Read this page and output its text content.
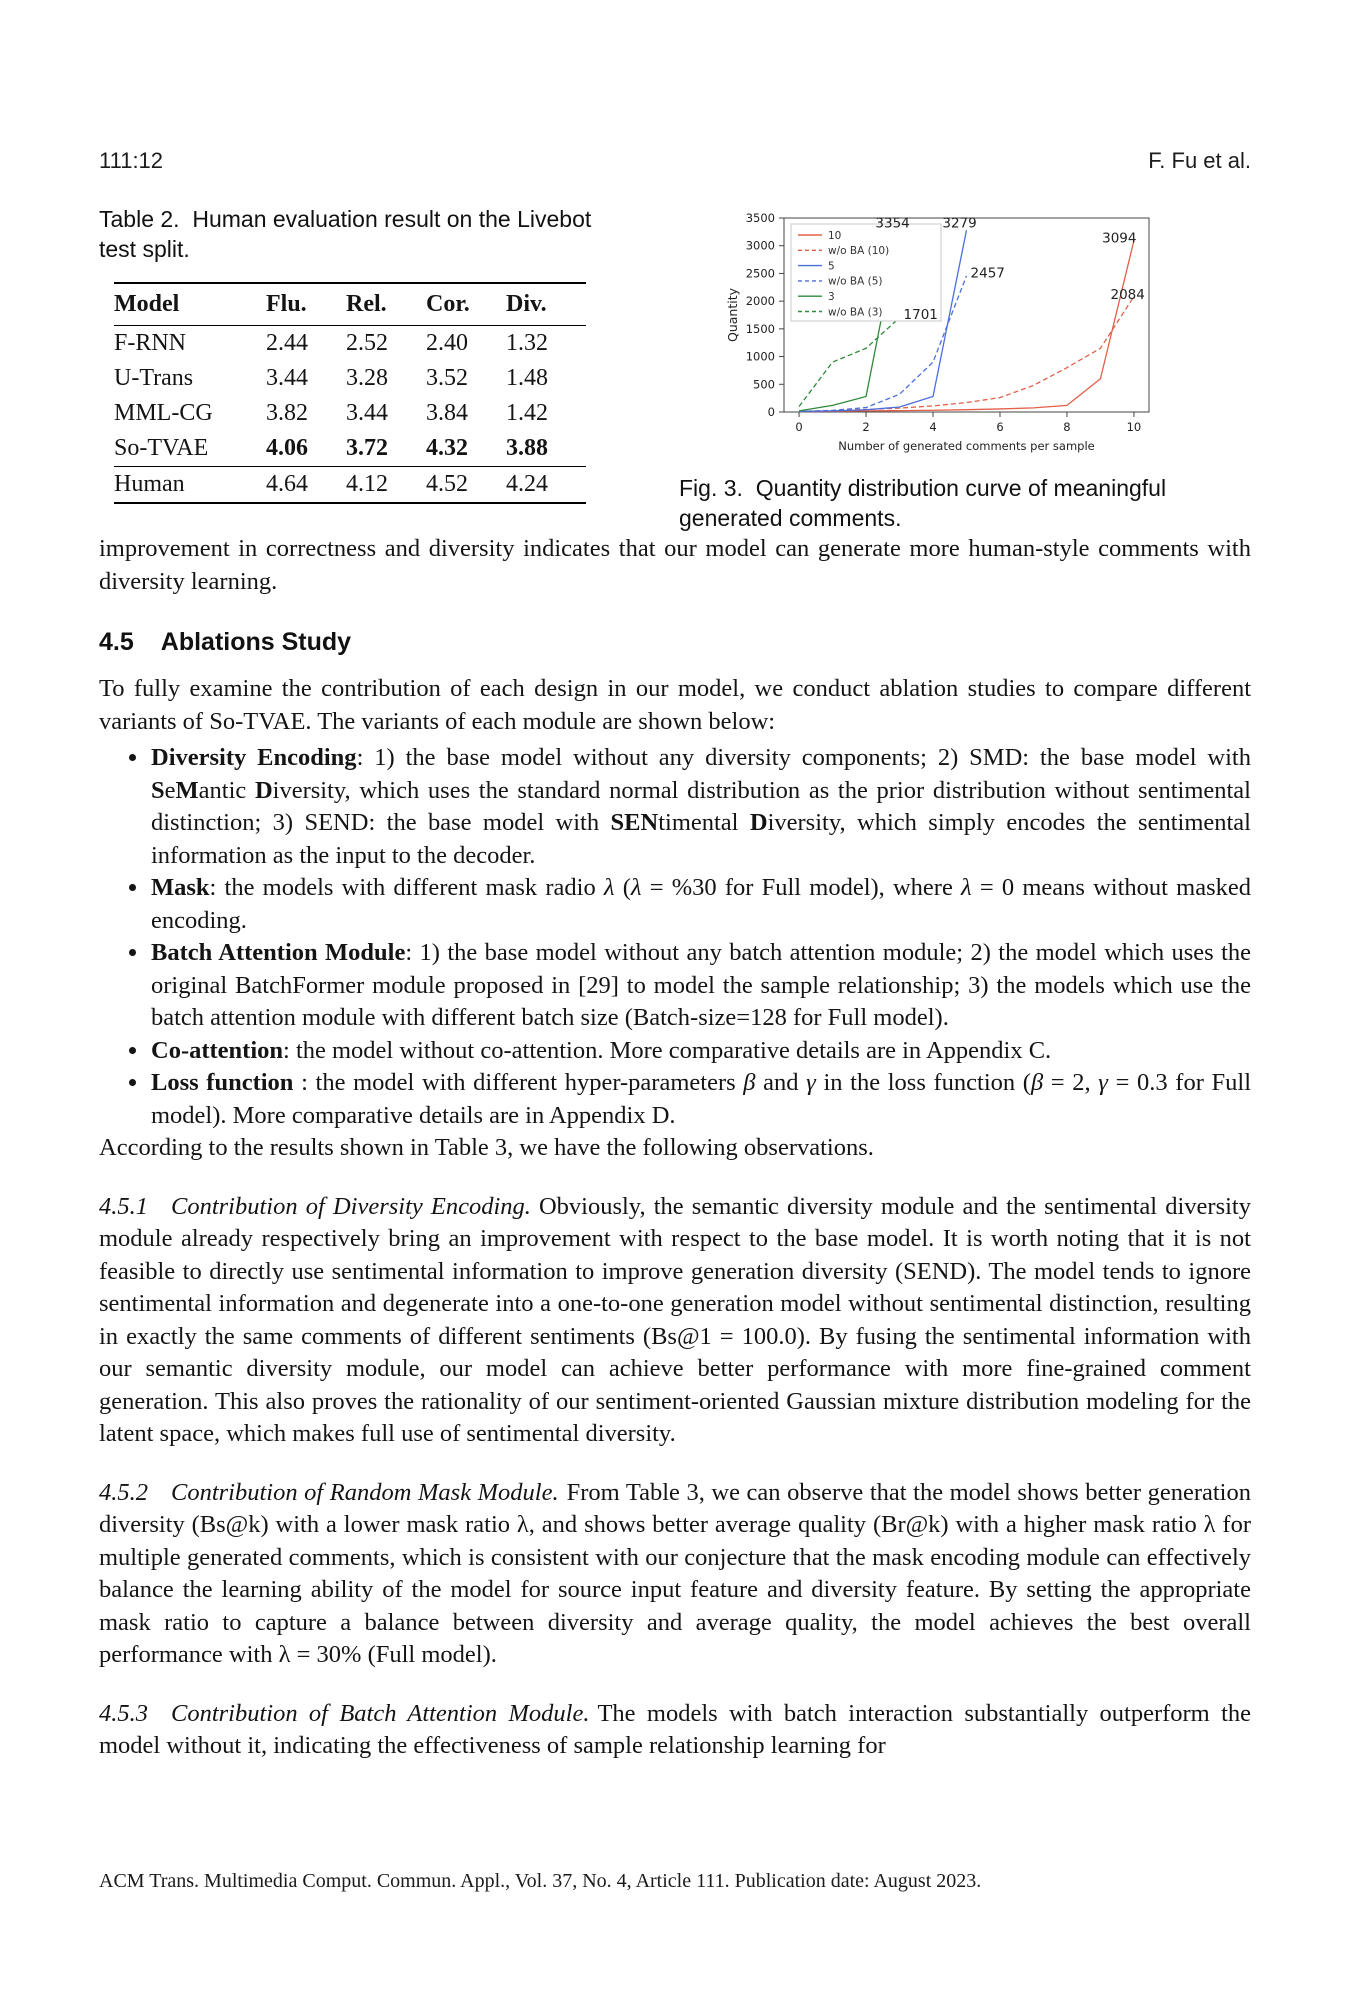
111:12	F. Fu et al.
Table 2.  Human evaluation result on the Livebot test split.
Model	Flu.	Rel.	Cor.	Div.
F-RNN	2.44	2.52	2.40	1.32
U-Trans	3.44	3.28	3.52	1.48
MML-CG	3.82	3.44	3.84	1.42
So-TVAE	4.06	3.72	4.32	3.88
Human	4.64	4.12	4.52	4.24
0
500
1000
1500
2000
2500
3000
3500
0	2	4	6	8	10
Number of generated comments per sample
Quantity
10
w/o BA (10)
5
w/o BA (5)
3
w/o BA (3)
3354 3279
2457
1701
3094
2084
Fig. 3.  Quantity distribution curve of meaningful generated comments.

improvement in correctness and diversity indicates that our model can generate more human-style comments with diversity learning.

4.5 Ablations Study

To fully examine the contribution of each design in our model, we conduct ablation studies to compare different variants of So-TVAE. The variants of each module are shown below:

• Diversity Encoding: 1) the base model without any diversity components; 2) SMD: the base model with SeMantic Diversity, which uses the standard normal distribution as the prior distribution without sentimental distinction; 3) SEND: the base model with SENtimental Diversity, which simply encodes the sentimental information as the input to the decoder.
• Mask: the models with different mask radio λ (λ = %30 for Full model), where λ = 0 means without masked encoding.
• Batch Attention Module: 1) the base model without any batch attention module; 2) the model which uses the original BatchFormer module proposed in [29] to model the sample relationship; 3) the models which use the batch attention module with different batch size (Batch-size=128 for Full model).
• Co-attention: the model without co-attention. More comparative details are in Appendix C.
• Loss function : the model with different hyper-parameters β and γ in the loss function (β = 2, γ = 0.3 for Full model). More comparative details are in Appendix D.

According to the results shown in Table 3, we have the following observations.

4.5.1 Contribution of Diversity Encoding. Obviously, the semantic diversity module and the sentimental diversity module already respectively bring an improvement with respect to the base model. It is worth noting that it is not feasible to directly use sentimental information to improve generation diversity (SEND). The model tends to ignore sentimental information and degenerate into a one-to-one generation model without sentimental distinction, resulting in exactly the same comments of different sentiments (Bs@1 = 100.0). By fusing the sentimental information with our semantic diversity module, our model can achieve better performance with more fine-grained comment generation. This also proves the rationality of our sentiment-oriented Gaussian mixture distribution modeling for the latent space, which makes full use of sentimental diversity.

4.5.2 Contribution of Random Mask Module. From Table 3, we can observe that the model shows better generation diversity (Bs@k) with a lower mask ratio λ, and shows better average quality (Br@k) with a higher mask ratio λ for multiple generated comments, which is consistent with our conjecture that the mask encoding module can effectively balance the learning ability of the model for source input feature and diversity feature. By setting the appropriate mask ratio to capture a balance between diversity and average quality, the model achieves the best overall performance with λ = 30% (Full model).

4.5.3 Contribution of Batch Attention Module. The models with batch interaction substantially outperform the model without it, indicating the effectiveness of sample relationship learning for

ACM Trans. Multimedia Comput. Commun. Appl., Vol. 37, No. 4, Article 111. Publication date: August 2023.
